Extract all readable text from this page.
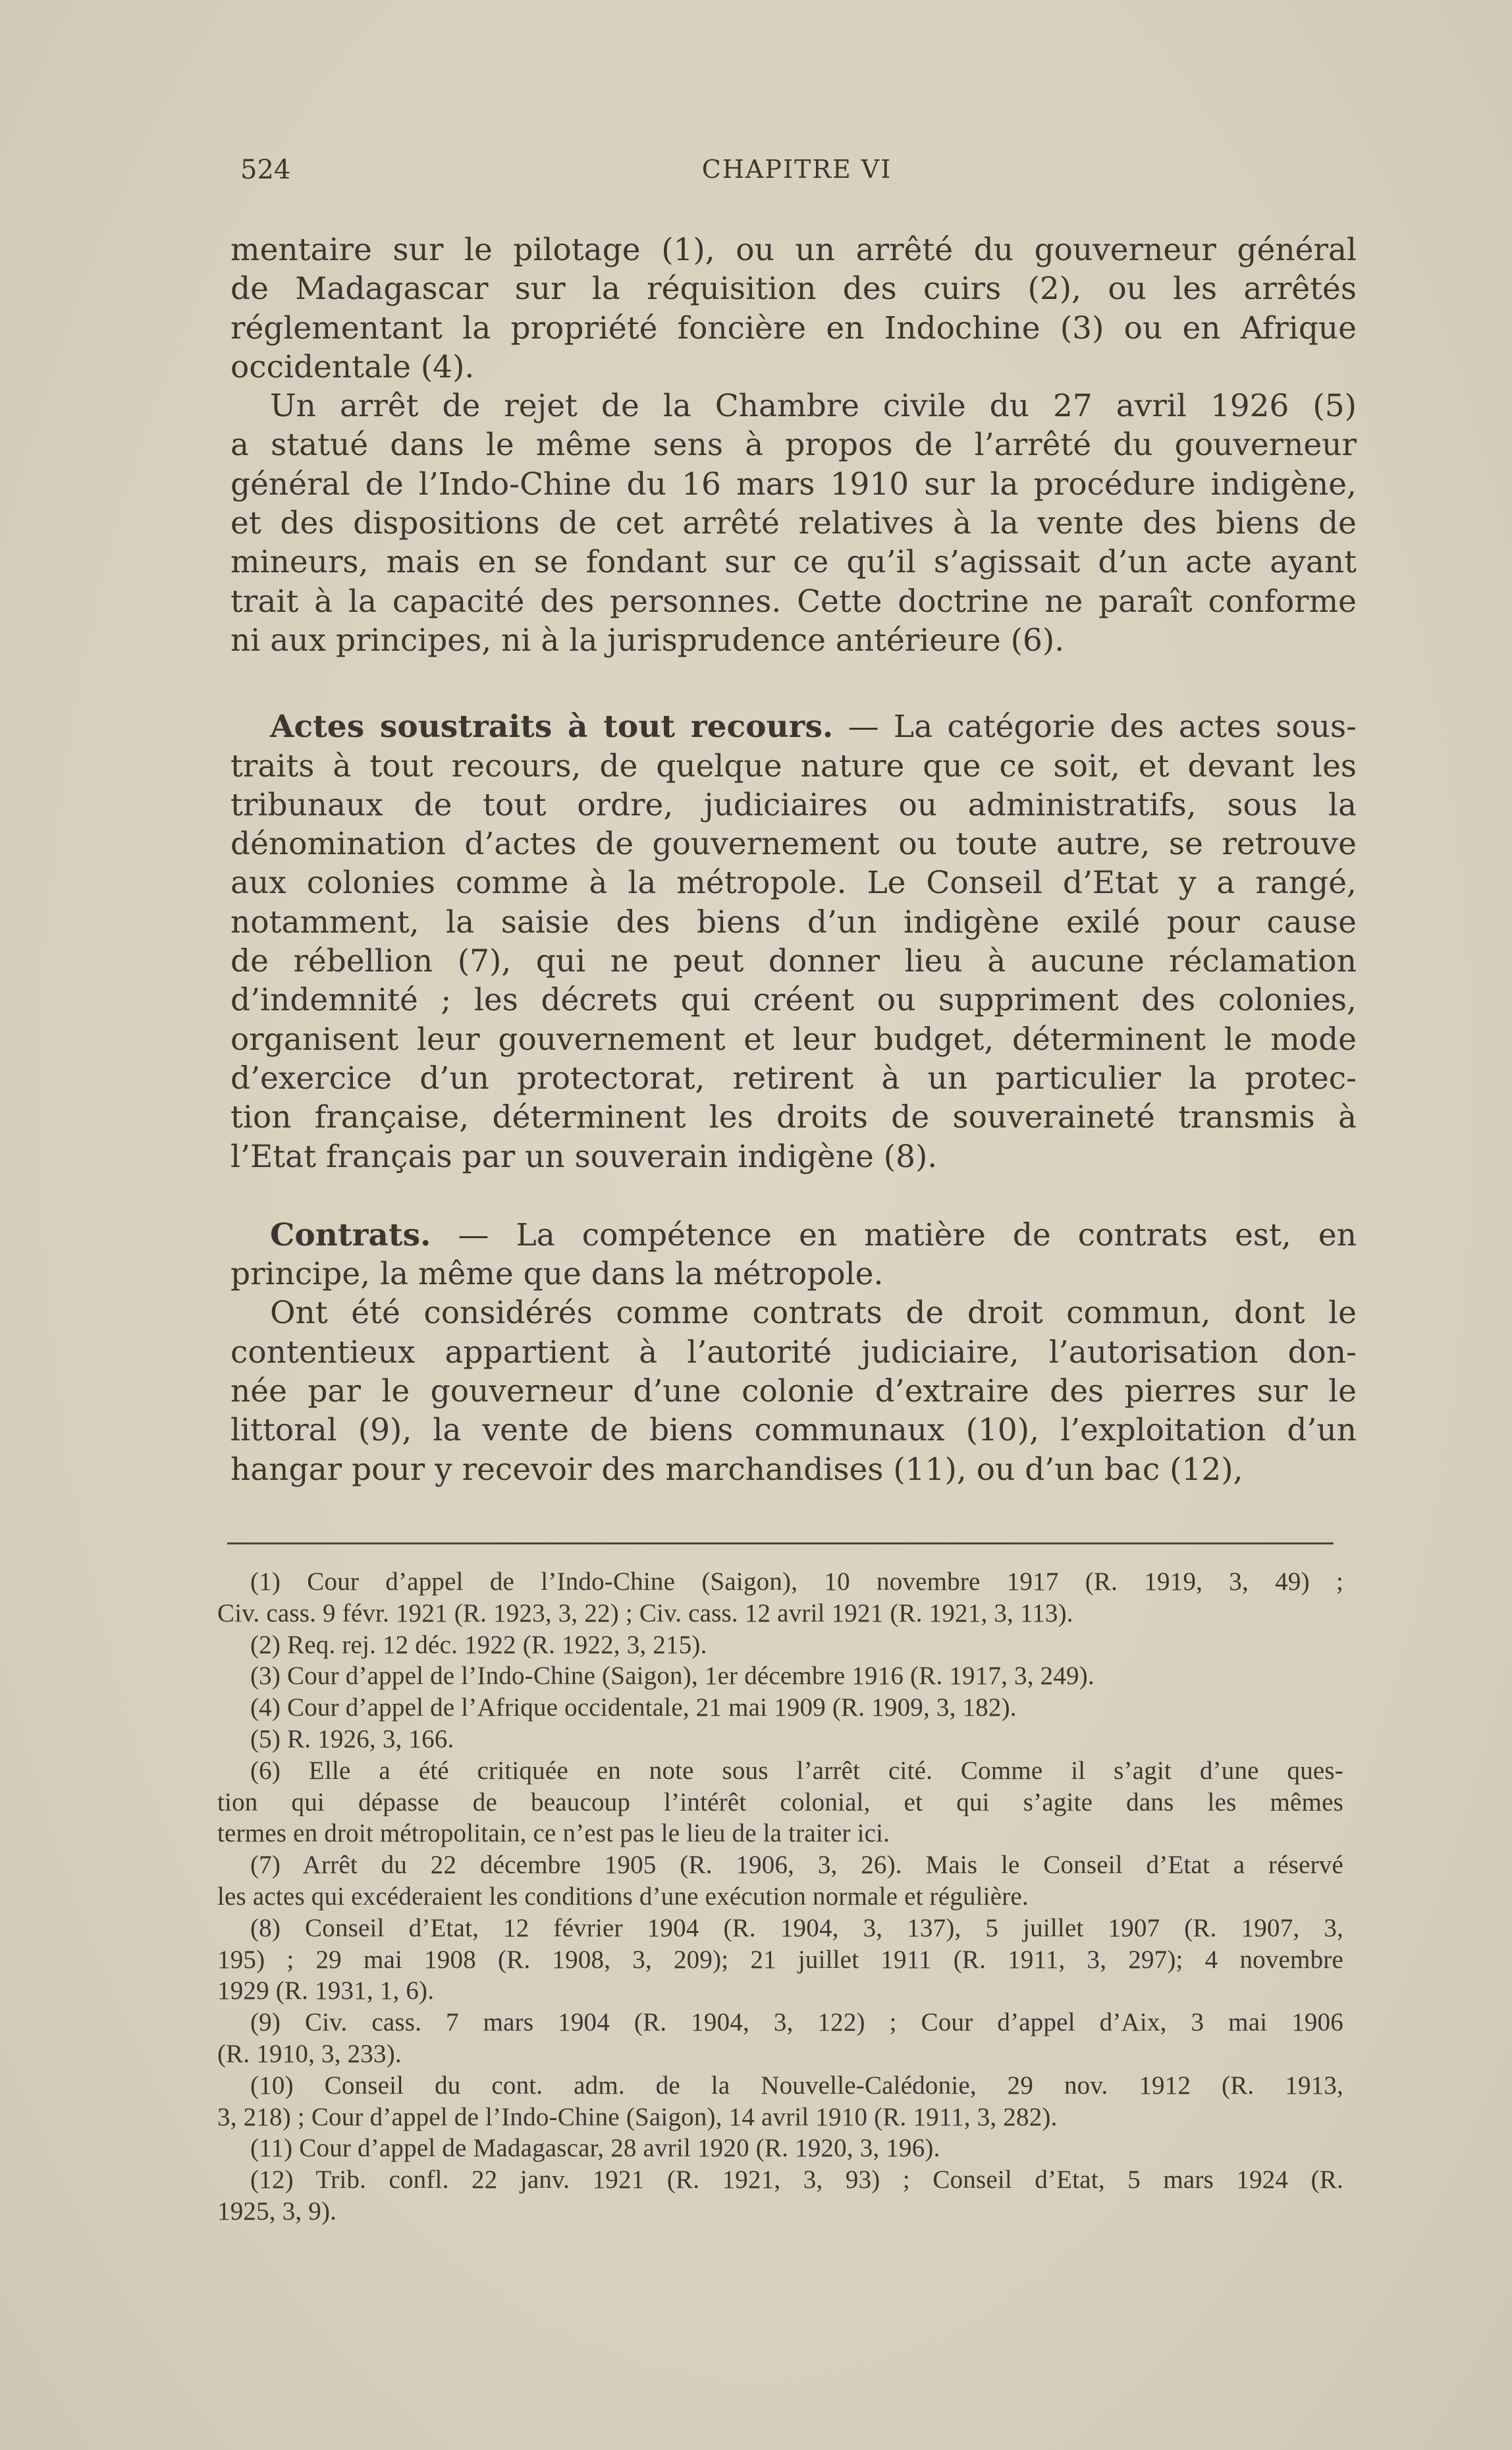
524	CHAPITRE VI
mentaire sur le pilotage (1), ou un arrêté du gouverneur général
de Madagascar sur la réquisition des cuirs (2), ou les arrêtés
réglementant la propriété foncière en Indochine (3) ou en Afrique
occidentale (4).
Un arrêt de rejet de la Chambre civile du 27 avril 1926 (5)
a statué dans le même sens à propos de l’arrêté du gouverneur
général de l’Indo-Chine du 16 mars 1910 sur la procédure indigène,
et des dispositions de cet arrêté relatives à la vente des biens de
mineurs, mais en se fondant sur ce qu’il s’agissait d’un acte ayant
trait à la capacité des personnes. Cette doctrine ne paraît conforme
ni aux principes, ni à la jurisprudence antérieure (6).
Actes soustraits à tout recours. — La catégorie des actes sous-
traits à tout recours, de quelque nature que ce soit, et devant les
tribunaux de tout ordre, judiciaires ou administratifs, sous la
dénomination d’actes de gouvernement ou toute autre, se retrouve
aux colonies comme à la métropole. Le Conseil d’Etat y a rangé,
notamment, la saisie des biens d’un indigène exilé pour cause
de rébellion (7), qui ne peut donner lieu à aucune réclamation
d’indemnité ; les décrets qui créent ou suppriment des colonies,
organisent leur gouvernement et leur budget, déterminent le mode
d’exercice d’un protectorat, retirent à un particulier la protec-
tion française, déterminent les droits de souveraineté transmis à
l’Etat français par un souverain indigène (8).
Contrats. — La compétence en matière de contrats est, en
principe, la même que dans la métropole.
Ont été considérés comme contrats de droit commun, dont le
contentieux appartient à l’autorité judiciaire, l’autorisation don-
née par le gouverneur d’une colonie d’extraire des pierres sur le
littoral (9), la vente de biens communaux (10), l’exploitation d’un
hangar pour y recevoir des marchandises (11), ou d’un bac (12),
(1) Cour d’appel de l’Indo-Chine (Saigon), 10 novembre 1917 (R. 1919, 3, 49) ;
Civ. cass. 9 févr. 1921 (R. 1923, 3, 22) ; Civ. cass. 12 avril 1921 (R. 1921, 3, 113).
(2) Req. rej. 12 déc. 1922 (R. 1922, 3, 215).
(3) Cour d’appel de l’Indo-Chine (Saigon), 1er décembre 1916 (R. 1917, 3, 249).
(4) Cour d’appel de l’Afrique occidentale, 21 mai 1909 (R. 1909, 3, 182).
(5) R. 1926, 3, 166.
(6) Elle a été critiquée en note sous l’arrêt cité. Comme il s’agit d’une ques-
tion qui dépasse de beaucoup l’intérêt colonial, et qui s’agite dans les mêmes
termes en droit métropolitain, ce n’est pas le lieu de la traiter ici.
(7) Arrêt du 22 décembre 1905 (R. 1906, 3, 26). Mais le Conseil d’Etat a réservé
les actes qui excéderaient les conditions d’une exécution normale et régulière.
(8) Conseil d’Etat, 12 février 1904 (R. 1904, 3, 137), 5 juillet 1907 (R. 1907, 3,
195) ; 29 mai 1908 (R. 1908, 3, 209); 21 juillet 1911 (R. 1911, 3, 297); 4 novembre
1929 (R. 1931, 1, 6).
(9) Civ. cass. 7 mars 1904 (R. 1904, 3, 122) ; Cour d’appel d’Aix, 3 mai 1906
(R. 1910, 3, 233).
(10) Conseil du cont. adm. de la Nouvelle-Calédonie, 29 nov. 1912 (R. 1913,
3, 218) ; Cour d’appel de l’Indo-Chine (Saigon), 14 avril 1910 (R. 1911, 3, 282).
(11) Cour d’appel de Madagascar, 28 avril 1920 (R. 1920, 3, 196).
(12) Trib. confl. 22 janv. 1921 (R. 1921, 3, 93) ; Conseil d’Etat, 5 mars 1924 (R.
1925, 3, 9).
